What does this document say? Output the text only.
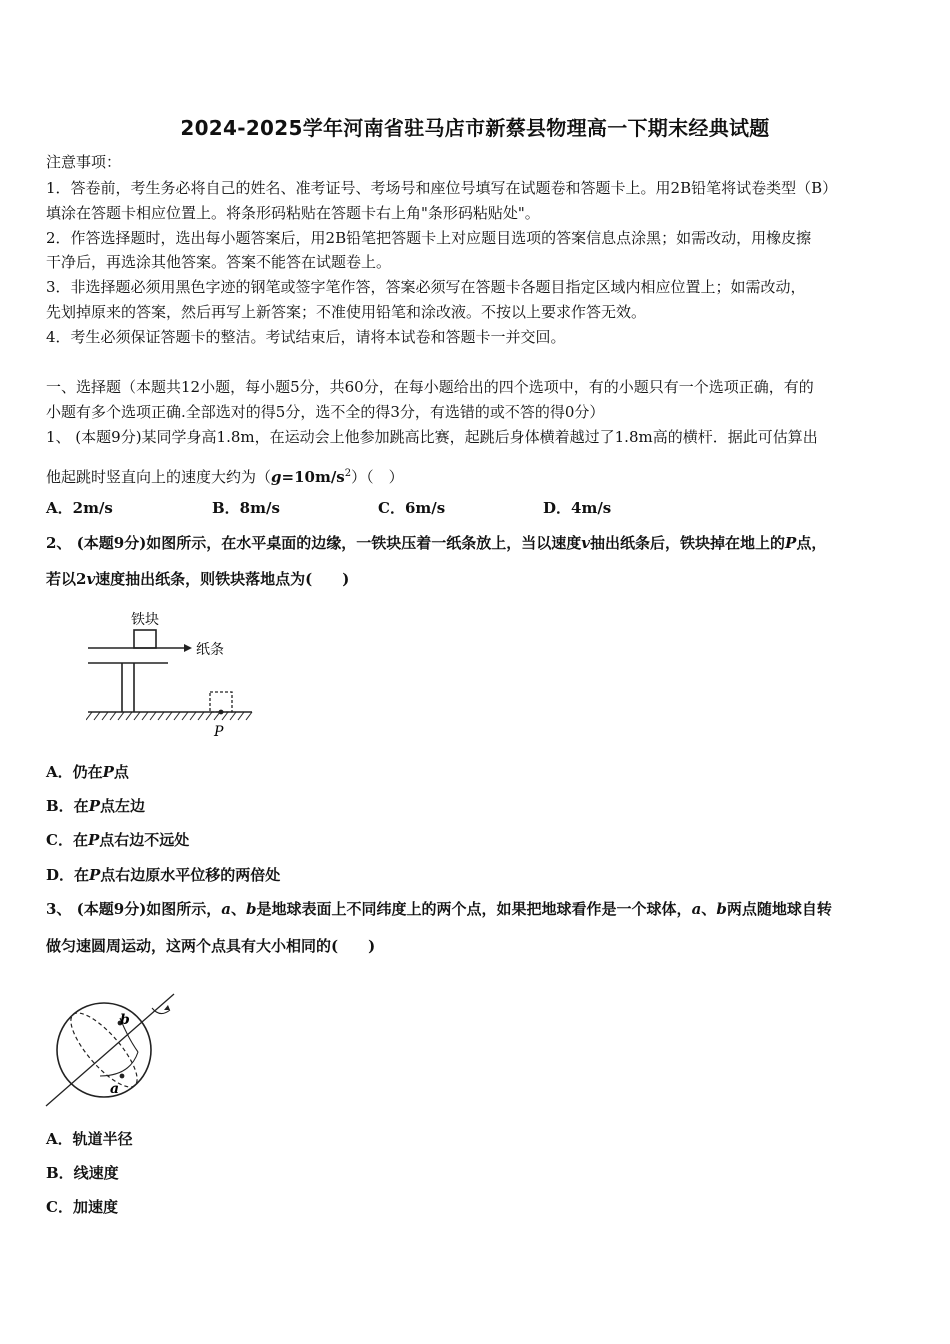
2024-2025学年河南省驻马店市新蔡县物理高一下期末经典试题
注意事项：
1．答卷前，考生务必将自己的姓名、准考证号、考场号和座位号填写在试题卷和答题卡上。用2B铅笔将试卷类型（B）
填涂在答题卡相应位置上。将条形码粘贴在答题卡右上角"条形码粘贴处"。
2．作答选择题时，选出每小题答案后，用2B铅笔把答题卡上对应题目选项的答案信息点涂黑；如需改动，用橡皮擦
干净后，再选涂其他答案。答案不能答在试题卷上。
3．非选择题必须用黑色字迹的钢笔或签字笔作答，答案必须写在答题卡各题目指定区域内相应位置上；如需改动，
先划掉原来的答案，然后再写上新答案；不准使用铅笔和涂改液。不按以上要求作答无效。
4．考生必须保证答题卡的整洁。考试结束后，请将本试卷和答题卡一并交回。
一、选择题（本题共12小题，每小题5分，共60分，在每小题给出的四个选项中，有的小题只有一个选项正确，有的
小题有多个选项正确.全部选对的得5分，选不全的得3分，有选错的或不答的得0分）
1、 (本题9分)某同学身高1.8m，在运动会上他参加跳高比赛，起跳后身体横着越过了1.8m高的横杆．据此可估算出
他起跳时竖直向上的速度大约为$(g=10m/s^2)$（　）
A．2m/s	B．8m/s	C．6m/s	D．4m/s
2、 (本题9分)如图所示，在水平桌面的边缘，一铁块压着一纸条放上，当以速度v抽出纸条后，铁块掉在地上的P点，
若以2v速度抽出纸条，则铁块落地点为(　　)
铁块
纸条
P
A．仍在P点
B．在P点左边
C．在P点右边不远处
D．在P点右边原水平位移的两倍处
3、 (本题9分)如图所示，a、b是地球表面上不同纬度上的两个点，如果把地球看作是一个球体，a、b两点随地球自转
做匀速圆周运动，这两个点具有大小相同的(　　)
b
a
A．轨道半径
B．线速度
C．加速度
